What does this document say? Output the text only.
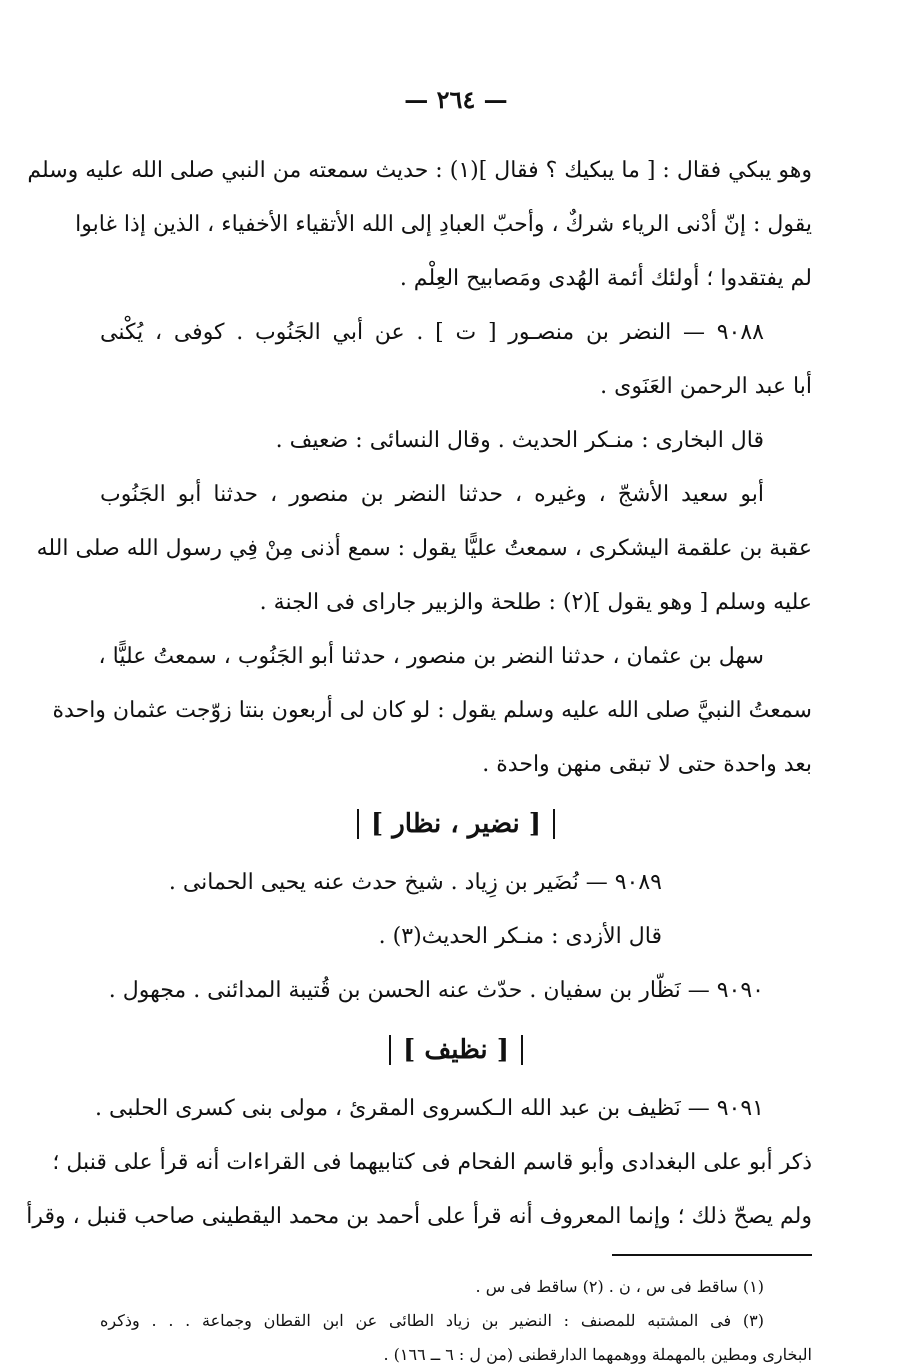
— ٢٦٤ —
وهو يبكي فقال : [ ما يبكيك ؟ فقال ](١) : حديث سمعته من النبي صلى الله عليه وسلم
يقول : إنّ أدْنى الرياء شركٌ ، وأحبّ العبادِ إلى الله الأتقياء الأخفياء ، الذين إذا غابوا
لم يفتقدوا ؛ أولئك أئمة الهُدى ومَصابيح العِلْم .
٩٠٨٨ — النضر بن منصـور [ ت ] . عن أبي الجَنُوب . كوفى ، يُكْنى
أبا عبد الرحمن العَنَوى .
قال البخارى : منـكر الحديث . وقال النسائى : ضعيف .
أبو سعيد الأشجّ ، وغيره ، حدثنا النضر بن منصور ، حدثنا أبو الجَنُوب
عقبة بن علقمة اليشكرى ، سمعتُ عليًّا يقول : سمع أذنى مِنْ فِي رسول الله صلى الله
عليه وسلم [ وهو يقول ](٢) : طلحة والزبير جاراى فى الجنة .
سهل بن عثمان ، حدثنا النضر بن منصور ، حدثنا أبو الجَنُوب ، سمعتُ عليًّا ،
سمعتُ النبيَّ صلى الله عليه وسلم يقول : لو كان لى أربعون بنتا زوّجت عثمان واحدة
بعد واحدة حتى لا تبقى منهن واحدة .
[ نضير ، نظار ]
٩٠٨٩ — نُضَير بن زِياد . شيخ حدث عنه يحيى الحمانى .
قال الأزدى : منـكر الحديث(٣) .
٩٠٩٠ — نَظّار بن سفيان . حدّث عنه الحسن بن قُتيبة المدائنى . مجهول .
[ نظيف ]
٩٠٩١ — نَظيف بن عبد الله الـكسروى المقرئ ، مولى بنى كسرى الحلبى .
ذكر أبو على البغدادى وأبو قاسم الفحام فى كتابيهما فى القراءات أنه قرأ على قنبل ؛
ولم يصحّ ذلك ؛ وإنما المعروف أنه قرأ على أحمد بن محمد اليقطينى صاحب قنبل ، وقرأ
(١) ساقط فى س ، ن . (٢) ساقط فى س .
(٣) فى المشتبه للمصنف : النضير بن زياد الطائى عن ابن القطان وجماعة . . . وذكره
البخارى ومطين بالمهملة ووهمهما الدارقطنى (من ل : ٦ ــ ١٦٦) .
